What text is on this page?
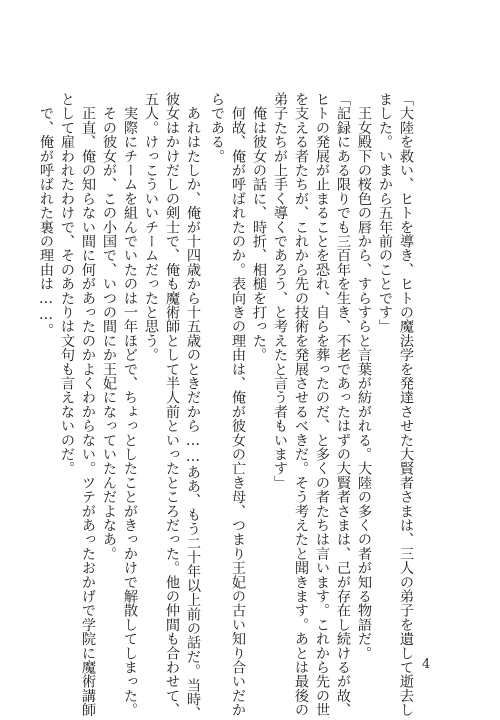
「大陸を救い、ヒトを導き、ヒトの魔法学を発達させた大賢者さまは、三人の弟子を遺して逝去し
ました。いまから五年前のことです」
　王女殿下の桜色の唇から、すらすらと言葉が紡がれる。大陸の多くの者が知る物語だ。
「記録にある限りでも三百年を生き、不老であったはずの大賢者さまは、己が存在し続けるが故、
ヒトの発展が止まることを恐れ、自らを葬ったのだ、と多くの者たちは言います。これから先の世
を支える者たちが、これから先の技術を発展させるべきだ。そう考えたと聞きます。あとは最後の
弟子たちが上手く導くであろう、と考えたと言う者もいます」
　俺は彼女の話に、時折、相槌を打った。
　何故、俺が呼ばれたのか。表向きの理由は、俺が彼女の亡き母、つまり王妃の古い知り合いだか
らである。
　あれはたしか、俺が十四歳から十五歳のときだから……ああ、もう二十年以上前の話だ。当時、
彼女はかけだしの剣士で、俺も魔術師として半人前といったところだった。他の仲間も合わせて、
五人。けっこういいチームだったと思う。
　実際にチームを組んでいたのは一年ほどで、ちょっとしたことがきっかけで解散してしまった。
　その彼女が、この小国で、いつの間にか王妃になっていたんだよなあ。
　正直、俺の知らない間に何があったのかよくわからない。ツテがあったおかげで学院に魔術講師
として雇われたわけで、そのあたりは文句も言えないのだ。
　で、俺が呼ばれた裏の理由は……。
4
